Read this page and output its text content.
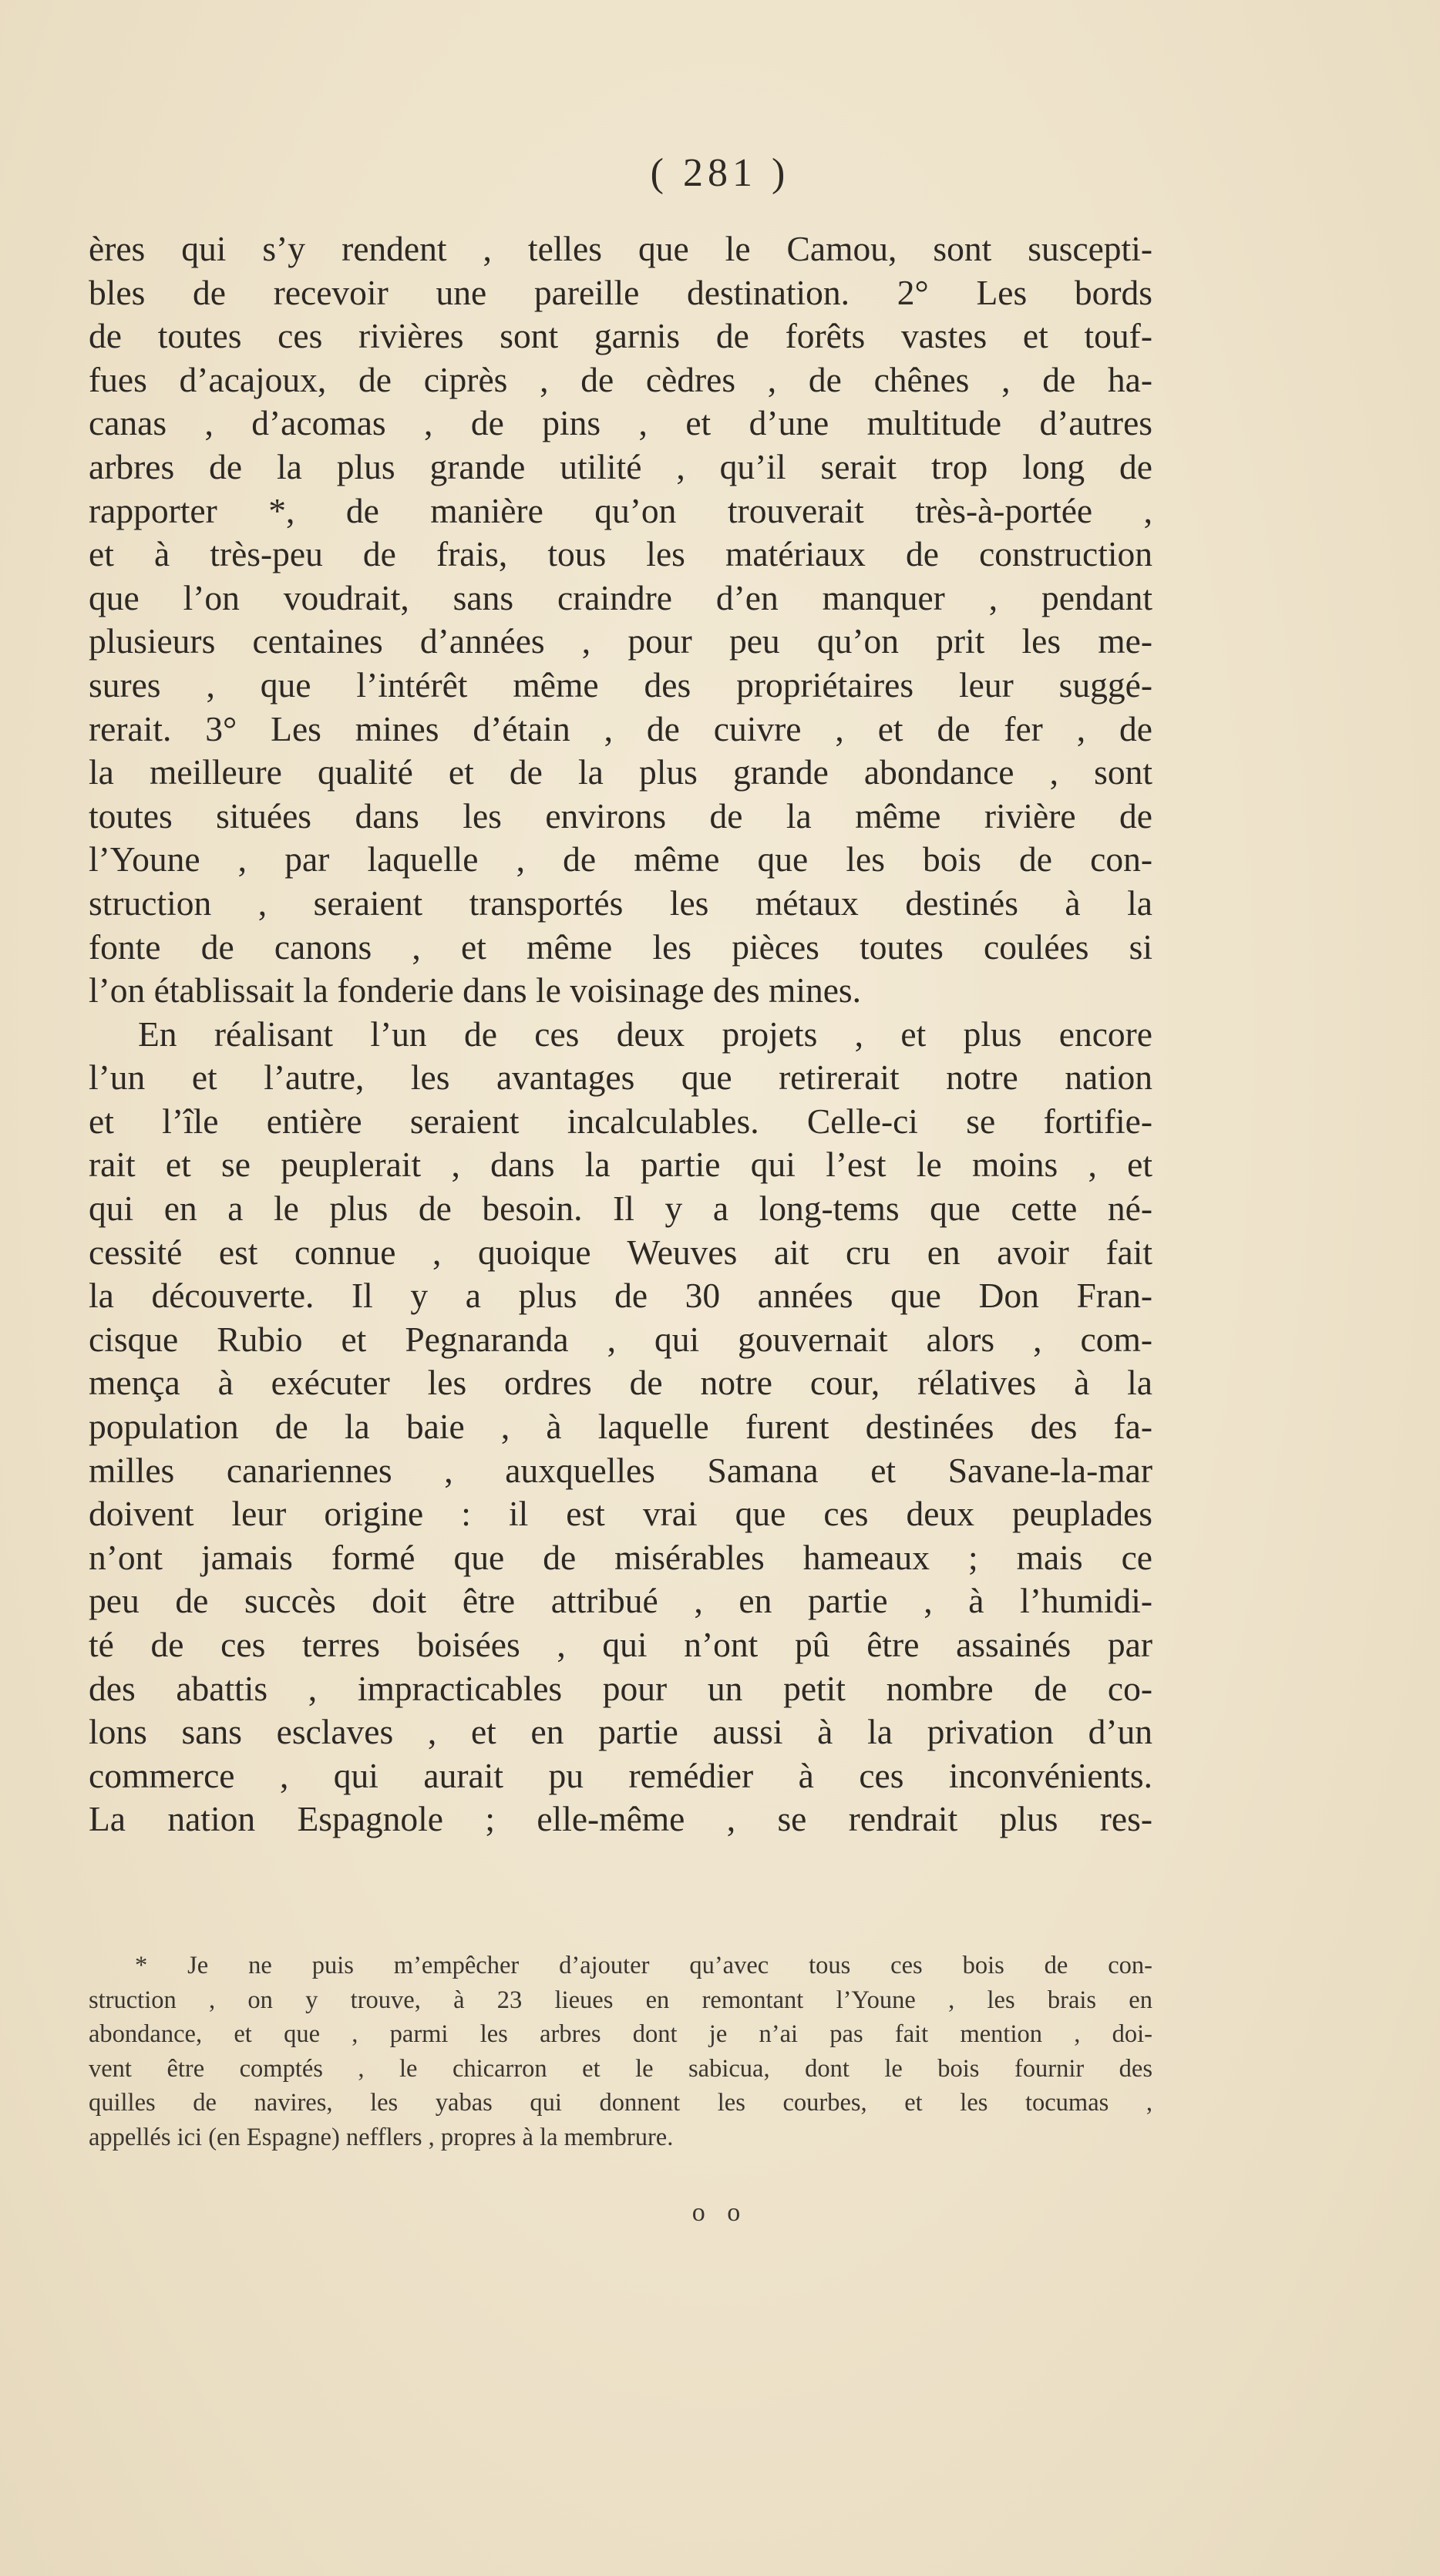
( 281 )
ères qui s’y rendent , telles que le Camou, sont suscepti-
bles de recevoir une pareille destination. 2° Les bords
de toutes ces rivières sont garnis de forêts vastes et touf-
fues d’acajoux, de ciprès , de cèdres , de chênes , de ha-
canas , d’acomas , de pins , et d’une multitude d’autres
arbres de la plus grande utilité , qu’il serait trop long de
rapporter *, de manière qu’on trouverait très-à-portée ,
et à très-peu de frais, tous les matériaux de construction
que l’on voudrait, sans craindre d’en manquer , pendant
plusieurs centaines d’années , pour peu qu’on prit les me-
sures , que l’intérêt même des propriétaires leur suggé-
rerait. 3° Les mines d’étain , de cuivre , et de fer , de
la meilleure qualité et de la plus grande abondance , sont
toutes situées dans les environs de la même rivière de
l’Youne , par laquelle , de même que les bois de con-
struction , seraient transportés les métaux destinés à la
fonte de canons , et même les pièces toutes coulées si
l’on établissait la fonderie dans le voisinage des mines.
En réalisant l’un de ces deux projets , et plus encore
l’un et l’autre, les avantages que retirerait notre nation
et l’île entière seraient incalculables. Celle-ci se fortifie-
rait et se peuplerait , dans la partie qui l’est le moins , et
qui en a le plus de besoin. Il y a long-tems que cette né-
cessité est connue , quoique Weuves ait cru en avoir fait
la découverte. Il y a plus de 30 années que Don Fran-
cisque Rubio et Pegnaranda , qui gouvernait alors , com-
mença à exécuter les ordres de notre cour, rélatives à la
population de la baie , à laquelle furent destinées des fa-
milles canariennes , auxquelles Samana et Savane-la-mar
doivent leur origine : il est vrai que ces deux peuplades
n’ont jamais formé que de misérables hameaux ; mais ce
peu de succès doit être attribué , en partie , à l’humidi-
té de ces terres boisées , qui n’ont pû être assainés par
des abattis , impracticables pour un petit nombre de co-
lons sans esclaves , et en partie aussi à la privation d’un
commerce , qui aurait pu remédier à ces inconvénients.
La nation Espagnole ; elle-même , se rendrait plus res-
* Je ne puis m’empêcher d’ajouter qu’avec tous ces bois de con-
struction , on y trouve, à 23 lieues en remontant l’Youne , les brais en
abondance, et que , parmi les arbres dont je n’ai pas fait mention , doi-
vent être comptés , le chicarron et le sabicua, dont le bois fournir des
quilles de navires, les yabas qui donnent les courbes, et les tocumas ,
appellés ici (en Espagne) nefflers , propres à la membrure.
o o
